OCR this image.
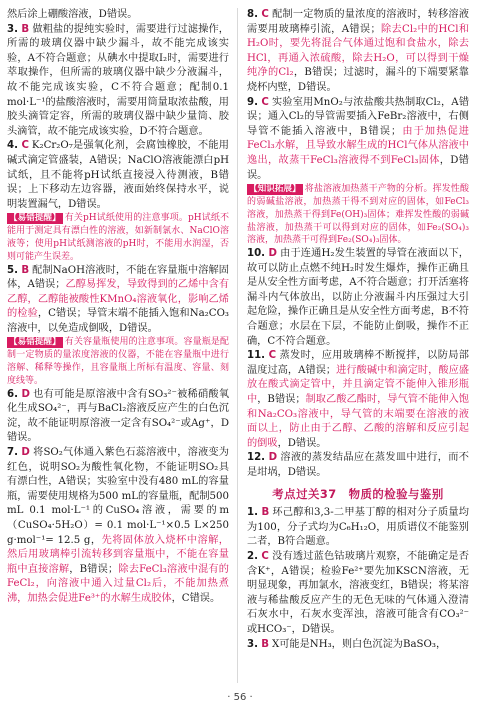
然后涂上硼酸溶液，D错误。

3. B 做粗盐的提纯实验时，需要进行过滤操作，所需的玻璃仪器中缺少漏斗，故不能完成该实验，A不符合题意；从碘水中提取I₂时，需要进行萃取操作，但所需的玻璃仪器中缺少分液漏斗，故不能完成该实验，C不符合题意；配制0.1 mol·L⁻¹的盐酸溶液时，需要用筒量取浓盐酸，用胶头滴管定容，所需的玻璃仪器中缺少量筒、胶头滴管，故不能完成该实验，D不符合题意。

4. C K₂Cr₂O₇是强氧化剂，会腐蚀橡胶，不能用碱式滴定管盛装，A错误；NaClO溶液能漂白pH试纸，且不能将pH试纸直接浸入待测液，B错误；上下移动左边容器，液面始终保持水平，说明装置漏气，D错误。

【易错提醒】 有关pH试纸使用的注意事项。pH试纸不能用于测定具有漂白性的溶液，如新制氯水、NaClO溶液等；使用pH试纸测溶液的pH时，不能用水润湿，否则可能产生误差。

5. B 配制NaOH溶液时，不能在容量瓶中溶解固体，A错误；乙醇易挥发，导致得到的乙烯中含有乙醇，乙醇能被酸性KMnO₄溶液氧化，影响乙烯的检验，C错误；导管末端不能插入饱和Na₂CO₃溶液中，以免造成倒吸，D错误。

【易错提醒】 有关容量瓶使用的注意事项。容量瓶是配制一定物质的量浓度溶液的仪器，不能在容量瓶中进行溶解、稀释等操作，且容量瓶上所标有温度、容量、刻度线等。

6. D 也有可能是原溶液中含有SO₃²⁻被稀硝酸氧化生成SO₄²⁻，再与BaCl₂溶液反应产生的白色沉淀，故不能证明原溶液一定含有SO₄²⁻或Ag⁺，D错误。

7. D 将SO₂气体通入紫色石蕊溶液中，溶液变为红色，说明SO₂为酸性氧化物，不能证明SO₂具有漂白性，A错误；实验室中没有480 mL的容量瓶，需要使用规格为500 mL的容量瓶，配制500 mL 0.1 mol·L⁻¹的CuSO₄溶液，需要的m（CuSO₄·5H₂O）= 0.1 mol·L⁻¹×0.5 L×250 g·mol⁻¹= 12.5 g，先将固体放入烧杯中溶解，然后用玻璃棒引流转移到容量瓶中，不能在容量瓶中直接溶解，B错误；除去FeCl₃溶液中混有的FeCl₂，向溶液中通入过量Cl₂后，不能加热煮沸，加热会促进Fe³⁺的水解生成胶体，C错误。

8. C 配制一定物质的量浓度的溶液时，转移溶液需要用玻璃棒引流，A错误；除去Cl₂中的HCl和H₂O时，要先将混合气体通过饱和食盐水，除去HCl，再通入浓硫酸，除去H₂O，可以得到干燥纯净的Cl₂，B错误；过滤时，漏斗的下端要紧靠烧杯内壁，D错误。

9. C 实验室用MnO₂与浓盐酸共热制取Cl₂，A错误；通入Cl₂的导管需要插入FeBr₂溶液中，右侧导管不能插入溶液中，B错误；由于加热促进FeCl₃水解，且导致水解生成的HCl气体从溶液中逸出，故蒸干FeCl₃溶液得不到FeCl₃固体，D错误。

【知识拓展】 将盐溶液加热蒸干产物的分析。挥发性酸的弱碱盐溶液，加热蒸干得不到对应的固体，如FeCl₃溶液，加热蒸干得到Fe(OH)₃固体；难挥发性酸的弱碱盐溶液，加热蒸干可以得到对应的固体，如Fe₂(SO₄)₃溶液，加热蒸干可得到Fe₂(SO₄)₃固体。

10. D 由于连通H₂发生装置的导管在液面以下，故可以防止点燃不纯H₂时发生爆炸，操作正确且是从安全性方面考虑，A不符合题意；打开活塞将漏斗内气体放出，以防止分液漏斗内压强过大引起危险，操作正确且是从安全性方面考虑，B不符合题意；水层在下层，不能防止倒吸，操作不正确，C不符合题意。

11. C 蒸发时，应用玻璃棒不断搅拌，以防局部温度过高，A错误；进行酸碱中和滴定时，酸应盛放在酸式滴定管中，并且滴定管不能伸入锥形瓶中，B错误；制取乙酸乙酯时，导气管不能伸入饱和Na₂CO₃溶液中，导气管的末端要在溶液的液面以上，防止由于乙醇、乙酸的溶解和反应引起的倒吸，D错误。

12. D 溶液的蒸发结晶应在蒸发皿中进行，而不是坩埚，D错误。

考点过关37　物质的检验与鉴别

1. B 环己醇和3,3-二甲基丁醇的相对分子质量均为100，分子式均为C₆H₁₂O，用质谱仪不能鉴别二者，B符合题意。

2. C 没有透过蓝色钴玻璃片观察，不能确定是否含K⁺，A错误；检验Fe²⁺要先加KSCN溶液，无明显现象，再加氯水，溶液变红，B错误；将某溶液与稀盐酸反应产生的无色无味的气体通入澄清石灰水中，石灰水变浑浊，溶液可能含有CO₃²⁻或HCO₃⁻，D错误。

3. B X可能是NH₃，则白色沉淀为BaSO₃，

· 56 ·
